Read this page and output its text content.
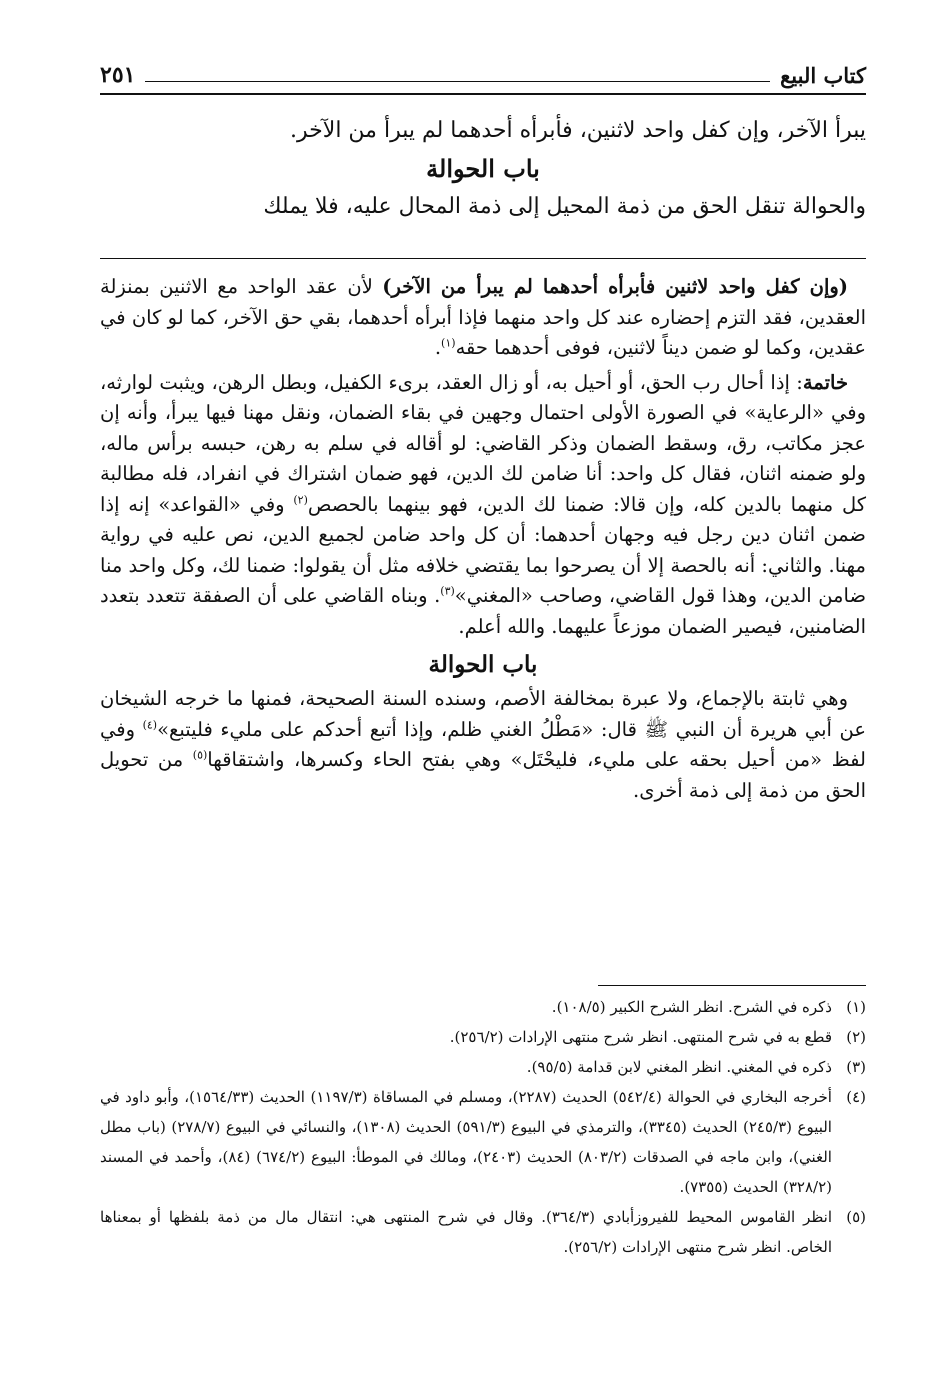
كتاب البيع
٢٥١

يبرأ الآخر، وإن كفل واحد لاثنين، فأبرأه أحدهما لم يبرأ من الآخر.

باب الحوالة

والحوالة تنقل الحق من ذمة المحيل إلى ذمة المحال عليه، فلا يملك

(وإن كفل واحد لاثنين فأبرأه أحدهما لم يبرأ من الآخر) لأن عقد الواحد مع الاثنين بمنزلة العقدين، فقد التزم إحضاره عند كل واحد منهما فإذا أبرأه أحدهما، بقي حق الآخر، كما لو كان في عقدين، وكما لو ضمن ديناً لاثنين، فوفى أحدهما حقه$^{(١)}$.

خاتمة: إذا أحال رب الحق، أو أحيل به، أو زال العقد، برىء الكفيل، وبطل الرهن، ويثبت لوارثه، وفي «الرعاية» في الصورة الأولى احتمال وجهين في بقاء الضمان، ونقل مهنا فيها يبرأ، وأنه إن عجز مكاتب، رق، وسقط الضمان وذكر القاضي: لو أقاله في سلم به رهن، حبسه برأس ماله، ولو ضمنه اثنان، فقال كل واحد: أنا ضامن لك الدين، فهو ضمان اشتراك في انفراد، فله مطالبة كل منهما بالدين كله، وإن قالا: ضمنا لك الدين، فهو بينهما بالحصص$^{(٢)}$ وفي «القواعد» إنه إذا ضمن اثنان دين رجل فيه وجهان أحدهما: أن كل واحد ضامن لجميع الدين، نص عليه في رواية مهنا. والثاني: أنه بالحصة إلا أن يصرحوا بما يقتضي خلافه مثل أن يقولوا: ضمنا لك، وكل واحد منا ضامن الدين، وهذا قول القاضي، وصاحب «المغني»$^{(٣)}$. وبناه القاضي على أن الصفقة تتعدد بتعدد الضامنين، فيصير الضمان موزعاً عليهما. والله أعلم.

باب الحوالة

وهي ثابتة بالإجماع، ولا عبرة بمخالفة الأصم، وسنده السنة الصحيحة، فمنها ما خرجه الشيخان عن أبي هريرة أن النبي ﷺ قال: «مَطْلُ الغني ظلم، وإذا أتبع أحدكم على مليء فليتبع»$^{(٤)}$ وفي لفظ «من أحيل بحقه على مليء، فليحْتَل» وهي بفتح الحاء وكسرها، واشتقاقها$^{(٥)}$ من تحويل الحق من ذمة إلى ذمة أخرى.

(١)
ذكره في الشرح. انظر الشرح الكبير (١٠٨/٥).
(٢)
قطع به في شرح المنتهى. انظر شرح منتهى الإرادات (٢٥٦/٢).
(٣)
ذكره في المغني. انظر المغني لابن قدامة (٩٥/٥).
(٤)
أخرجه البخاري في الحوالة (٥٤٢/٤) الحديث (٢٢٨٧)، ومسلم في المساقاة (١١٩٧/٣) الحديث (١٥٦٤/٣٣)، وأبو داود في البيوع (٢٤٥/٣) الحديث (٣٣٤٥)، والترمذي في البيوع (٥٩١/٣) الحديث (١٣٠٨)، والنسائي في البيوع (٢٧٨/٧) (باب مطل الغني)، وابن ماجه في الصدقات (٨٠٣/٢) الحديث (٢٤٠٣)، ومالك في الموطأ: البيوع (٦٧٤/٢) (٨٤)، وأحمد في المسند (٣٢٨/٢) الحديث (٧٣٥٥).
(٥)
انظر القاموس المحيط للفيروزأبادي (٣٦٤/٣). وقال في شرح المنتهى هي: انتقال مال من ذمة بلفظها أو بمعناها الخاص. انظر شرح منتهى الإرادات (٢٥٦/٢).
